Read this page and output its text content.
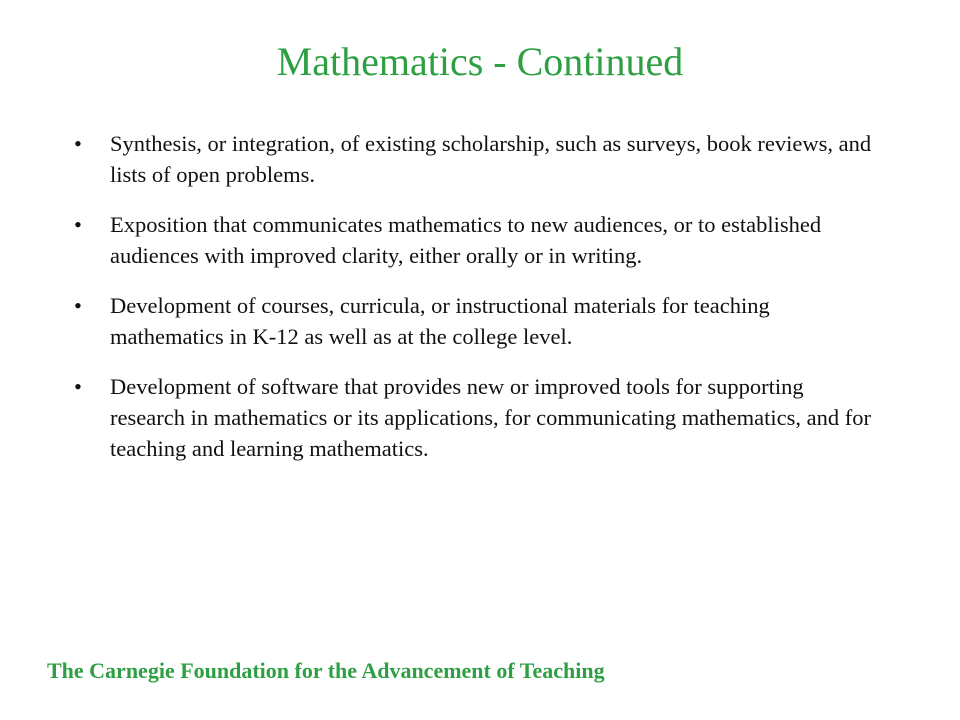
Mathematics - Continued
•	Synthesis, or integration, of existing scholarship, such as surveys, book reviews, and lists of open problems.
•	Exposition that communicates mathematics to new audiences, or to established audiences with improved clarity, either orally or in writing.
•	Development of courses, curricula, or instructional materials for teaching mathematics in K-12 as well as at the college level.
•	Development of software that provides new or improved tools for supporting research in mathematics or its applications, for communicating mathematics, and for teaching and learning mathematics.
The Carnegie Foundation for the Advancement of Teaching
